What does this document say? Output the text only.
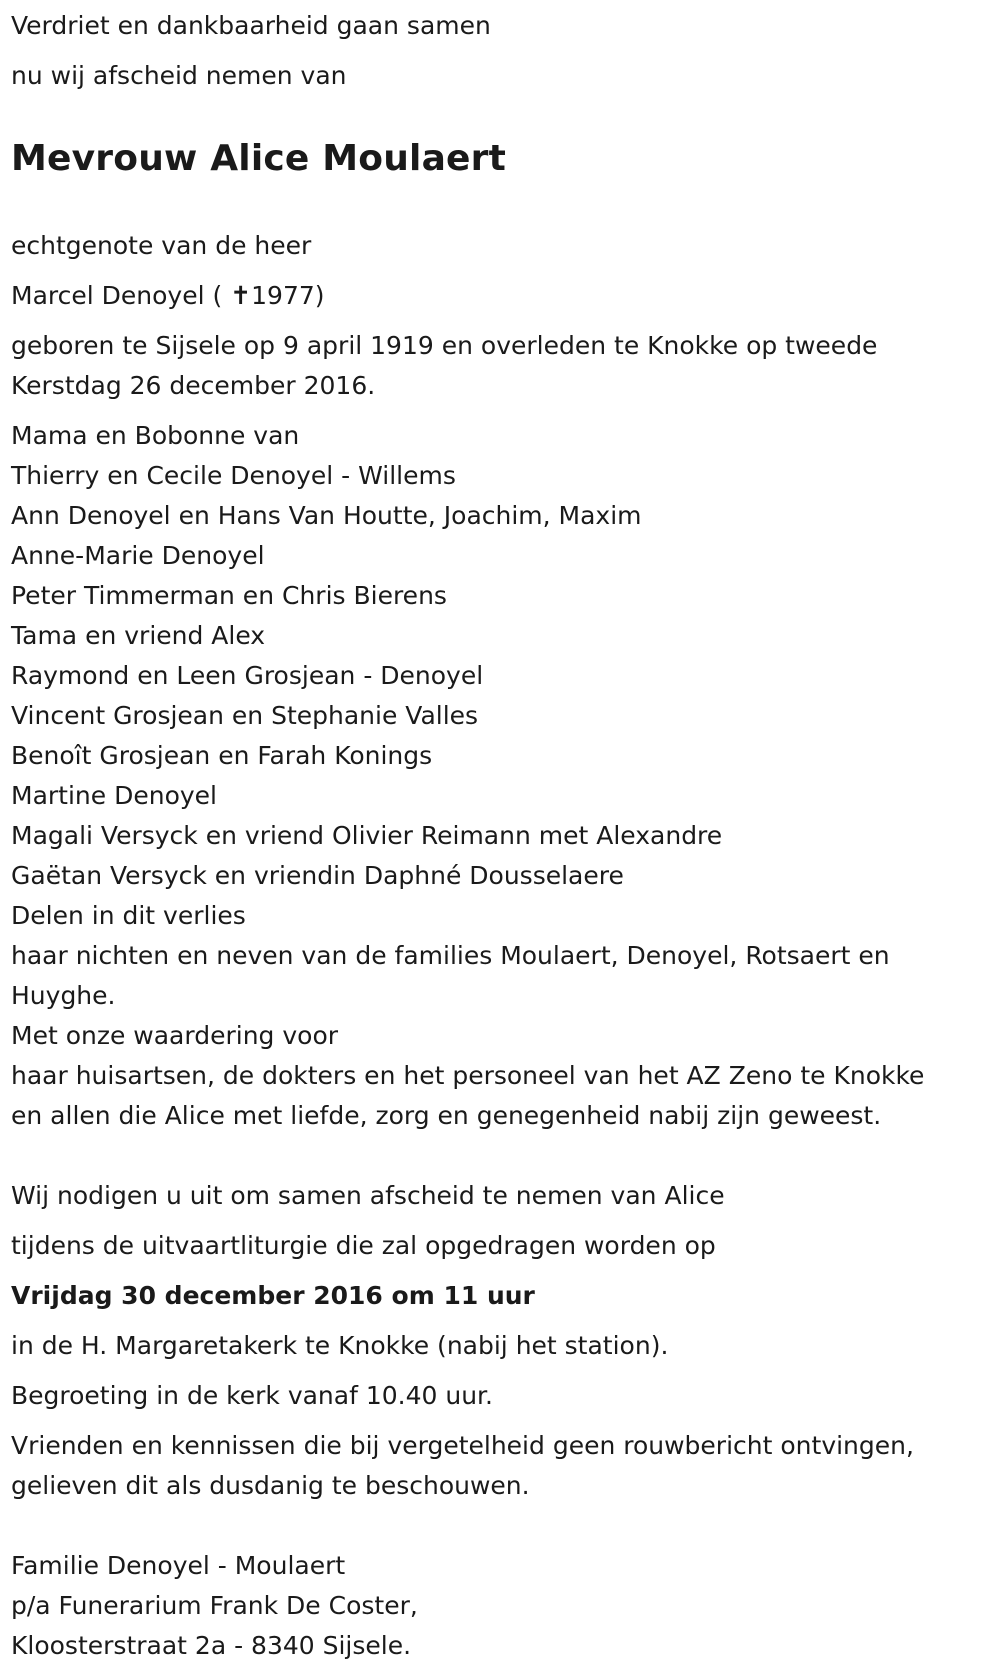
Verdriet en dankbaarheid gaan samen

nu wij afscheid nemen van

Mevrouw Alice Moulaert

echtgenote van de heer

Marcel Denoyel ( ✝1977)

geboren te Sijsele op 9 april 1919 en overleden te Knokke op tweede Kerstdag 26 december 2016.

Mama en Bobonne van

Thierry en Cecile Denoyel - Willems

Ann Denoyel en Hans Van Houtte, Joachim, Maxim

Anne-Marie Denoyel

Peter Timmerman en Chris Bierens

Tama en vriend Alex

Raymond en Leen Grosjean - Denoyel

Vincent Grosjean en Stephanie Valles

Benoît Grosjean en Farah Konings

Martine Denoyel

Magali Versyck en vriend Olivier Reimann met Alexandre

Gaëtan Versyck en vriendin Daphné Dousselaere

Delen in dit verlies

haar nichten en neven van de families Moulaert, Denoyel, Rotsaert en

Huyghe.

Met onze waardering voor

haar huisartsen, de dokters en het personeel van het AZ Zeno te Knokke

en allen die Alice met liefde, zorg en genegenheid nabij zijn geweest.

Wij nodigen u uit om samen afscheid te nemen van Alice

tijdens de uitvaartliturgie die zal opgedragen worden op

Vrijdag 30 december 2016 om 11 uur

in de H. Margaretakerk te Knokke (nabij het station).

Begroeting in de kerk vanaf 10.40 uur.

Vrienden en kennissen die bij vergetelheid geen rouwbericht ontvingen, gelieven dit als dusdanig te beschouwen.

Familie Denoyel - Moulaert

p/a Funerarium Frank De Coster,

Kloosterstraat 2a - 8340 Sijsele.
